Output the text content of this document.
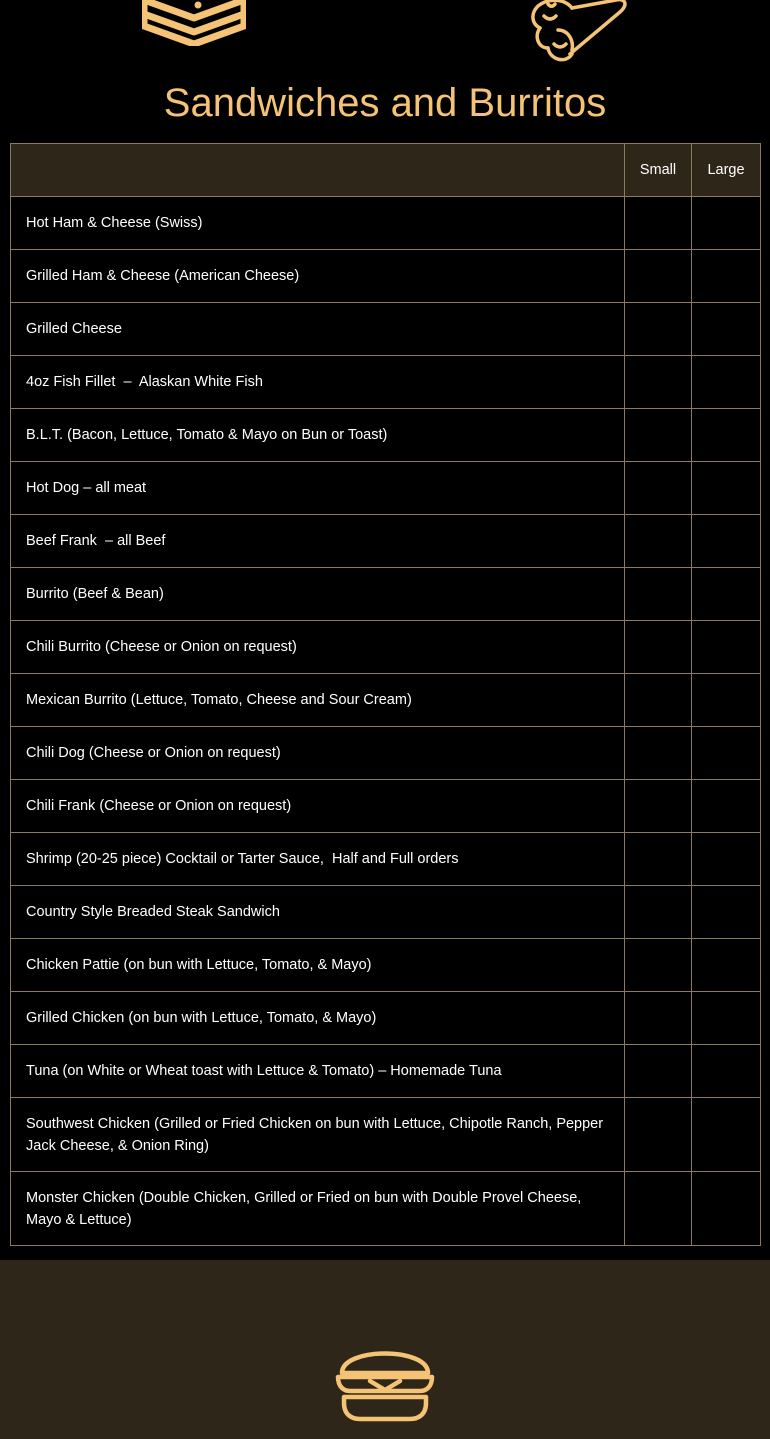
Sandwiches and Burritos
	Small	Large
Hot Ham & Cheese (Swiss)		
Grilled Ham & Cheese (American Cheese)		
Grilled Cheese		
4oz Fish Fillet  –  Alaskan White Fish		
B.L.T. (Bacon, Lettuce, Tomato & Mayo on Bun or Toast)		
Hot Dog – all meat		
Beef Frank  – all Beef		
Burrito (Beef & Bean)		
Chili Burrito (Cheese or Onion on request)		
Mexican Burrito (Lettuce, Tomato, Cheese and Sour Cream)		
Chili Dog (Cheese or Onion on request)		
Chili Frank (Cheese or Onion on request)		
Shrimp (20-25 piece) Cocktail or Tarter Sauce,  Half and Full orders		
Country Style Breaded Steak Sandwich		
Chicken Pattie (on bun with Lettuce, Tomato, & Mayo)		
Grilled Chicken (on bun with Lettuce, Tomato, & Mayo)		
Tuna (on White or Wheat toast with Lettuce & Tomato) – Homemade Tuna		
Southwest Chicken (Grilled or Fried Chicken on bun with Lettuce, Chipotle Ranch, Pepper Jack Cheese, & Onion Ring)		
Monster Chicken (Double Chicken, Grilled or Fried on bun with Double Provel Cheese, Mayo & Lettuce)		
